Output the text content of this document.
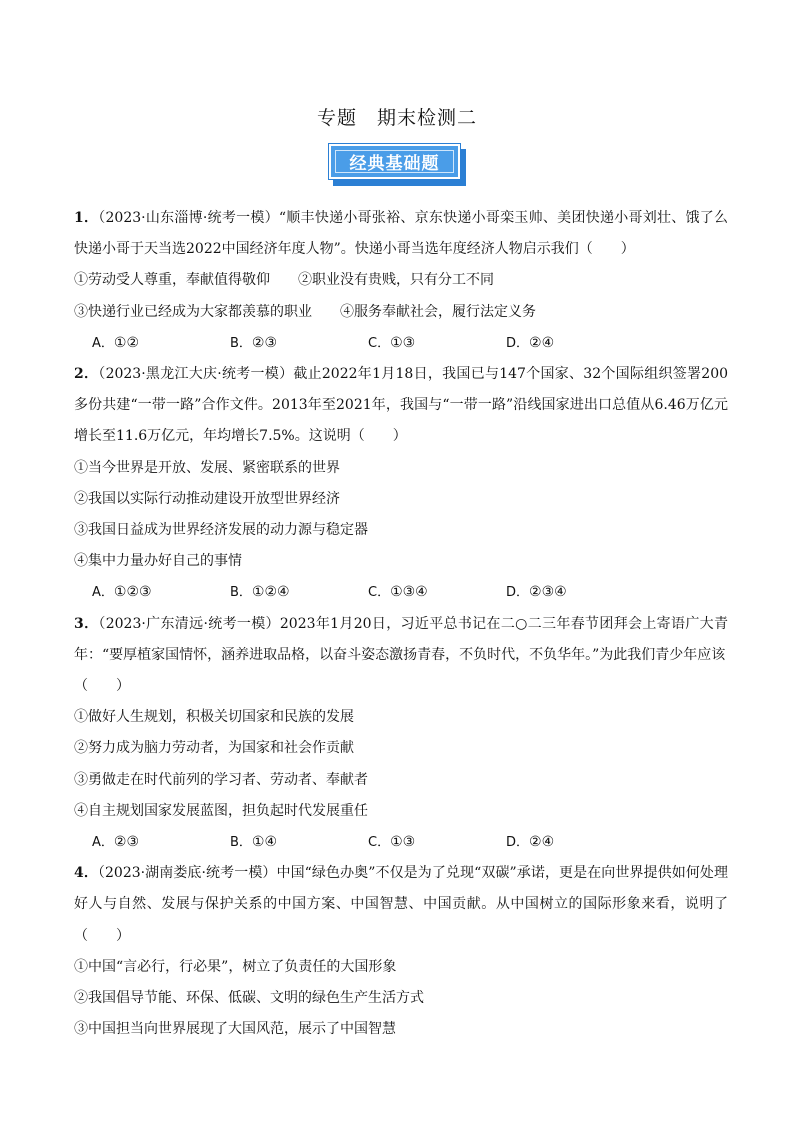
专题　期末检测二
经典基础题

1．（2023·山东淄博·统考一模）“顺丰快递小哥张裕、京东快递小哥栾玉帅、美团快递小哥刘壮、饿了么快递小哥于天当选2022中国经济年度人物”。快递小哥当选年度经济人物启示我们（　　）

①劳动受人尊重，奉献值得敬仰　　 ②职业没有贵贱，只有分工不同

③快递行业已经成为大家都羡慕的职业　　 ④服务奉献社会，履行法定义务

A．①②	B．②③	C．①③	D．②④

2．（2023·黑龙江大庆·统考一模）截止2022年1月18日，我国已与147个国家、32个国际组织签署200多份共建“一带一路”合作文件。2013年至2021年，我国与“一带一路”沿线国家进出口总值从6.46万亿元增长至11.6万亿元，年均增长7.5%。这说明（　　）

①当今世界是开放、发展、紧密联系的世界

②我国以实际行动推动建设开放型世界经济

③我国日益成为世界经济发展的动力源与稳定器

④集中力量办好自己的事情

A．①②③	B．①②④	C．①③④	D．②③④

3．（2023·广东清远·统考一模）2023年1月20日，习近平总书记在二○二三年春节团拜会上寄语广大青年：“要厚植家国情怀，涵养进取品格，以奋斗姿态激扬青春，不负时代，不负华年。”为此我们青少年应该

（　　）

①做好人生规划，积极关切国家和民族的发展

②努力成为脑力劳动者，为国家和社会作贡献

③勇做走在时代前列的学习者、劳动者、奉献者

④自主规划国家发展蓝图，担负起时代发展重任

A．②③	B．①④	C．①③	D．②④

4．（2023·湖南娄底·统考一模）中国“绿色办奥”不仅是为了兑现“双碳”承诺，更是在向世界提供如何处理好人与自然、发展与保护关系的中国方案、中国智慧、中国贡献。从中国树立的国际形象来看，说明了（　　）

①中国“言必行，行必果”，树立了负责任的大国形象

②我国倡导节能、环保、低碳、文明的绿色生产生活方式

③中国担当向世界展现了大国风范，展示了中国智慧
